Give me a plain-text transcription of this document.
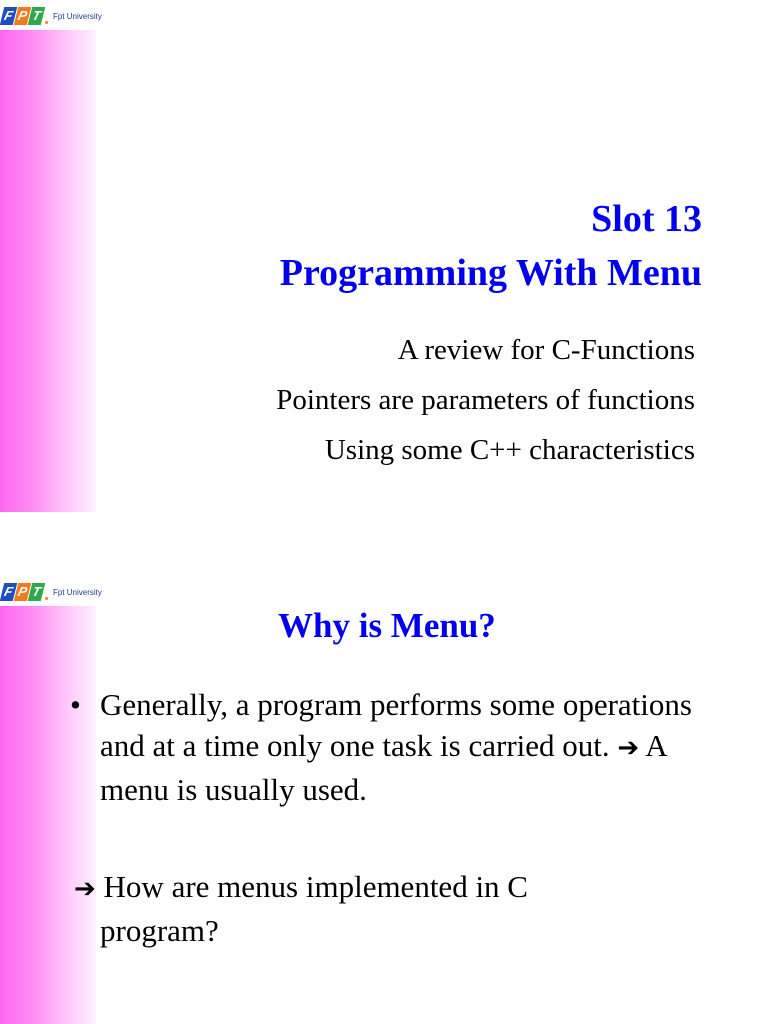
F P T	Fpt University
Slot 13
Programming With Menu
A review for C-Functions
Pointers are parameters of functions
Using some C++ characteristics
F P T	Fpt University
Why is Menu?
• Generally, a program performs some operations and at a time only one task is carried out. ➔ A menu is usually used.
➔ How are menus implemented in C
program?
